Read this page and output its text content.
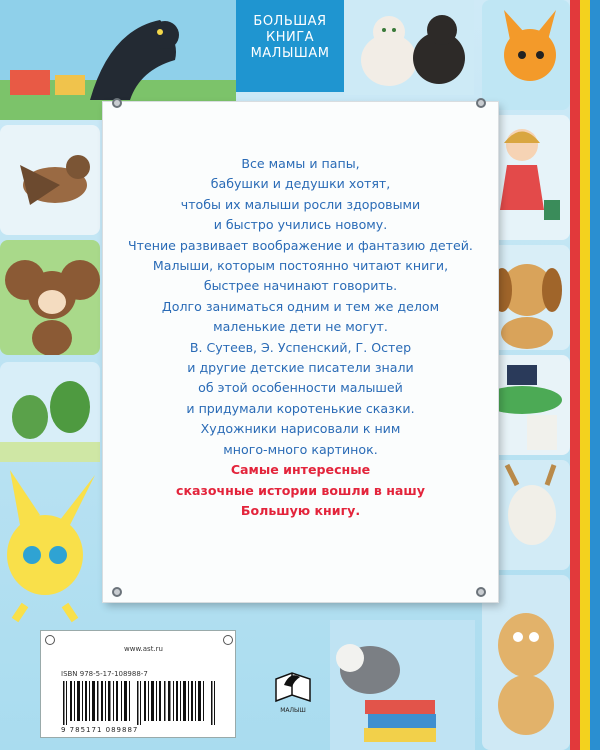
БОЛЬШАЯ
КНИГА
МАЛЫШАМ
Все мамы и папы,
бабушки и дедушки хотят,
чтобы их малыши росли здоровыми
и быстро учились новому.
Чтение развивает воображение и фантазию детей.
Малыши, которым постоянно читают книги,
быстрее начинают говорить.
Долго заниматься одним и тем же делом
маленькие дети не могут.
В. Сутеев, Э. Успенский, Г. Остер
и другие детские писатели знали
об этой особенности малышей
и придумали коротенькие сказки.
Художники нарисовали к ним
много-много картинок.
Самые интересные
сказочные истории вошли в нашу
Большую книгу.
www.ast.ru
ISBN 978-5-17-108988-7
9 785171 089887
МАЛЫШ
